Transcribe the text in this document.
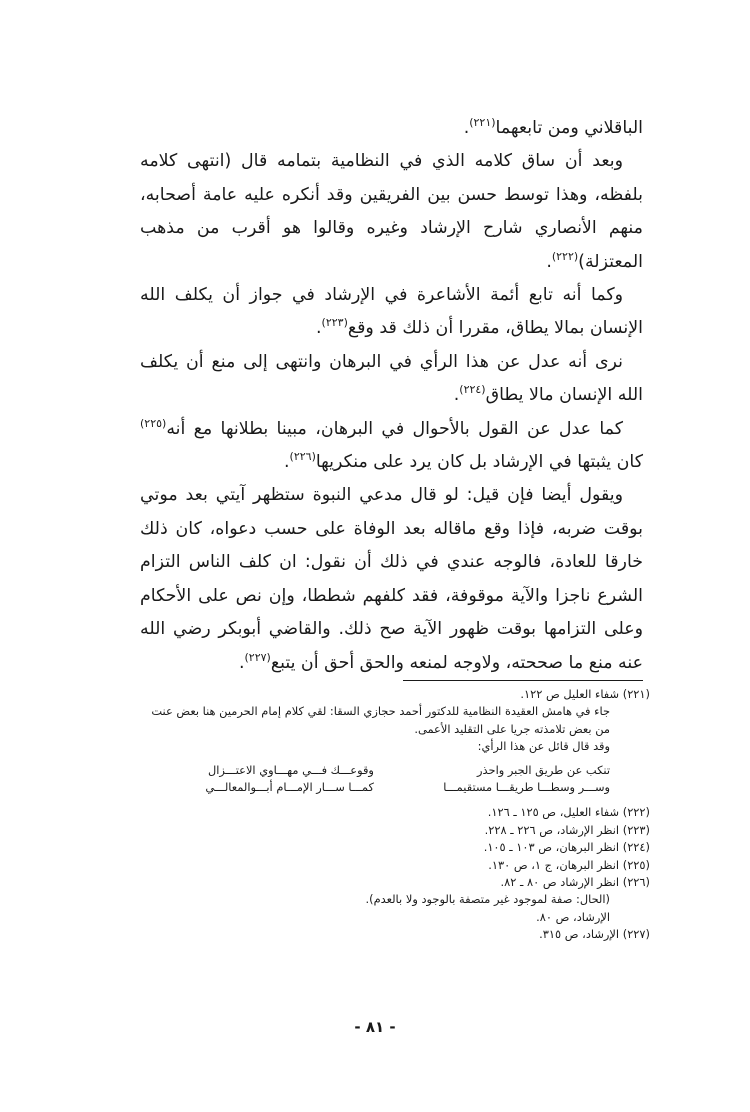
الباقلاني ومن تابعهما$^{(٢٢١)}$.

وبعد أن ساق كلامه الذي في النظامية بتمامه قال (انتهى كلامه بلفظه، وهذا توسط حسن بين الفريقين وقد أنكره عليه عامة أصحابه، منهم الأنصاري شارح الإرشاد وغيره وقالوا هو أقرب من مذهب المعتزلة)$^{(٢٢٢)}$.

وكما أنه تابع أئمة الأشاعرة في الإرشاد في جواز أن يكلف الله الإنسان بمالا يطاق، مقررا أن ذلك قد وقع$^{(٢٢٣)}$.

نرى أنه عدل عن هذا الرأي في البرهان وانتهى إلى منع أن يكلف الله الإنسان مالا يطاق$^{(٢٢٤)}$.

كما عدل عن القول بالأحوال في البرهان، مبينا بطلانها مع أنه$^{(٢٢٥)}$ كان يثبتها في الإرشاد بل كان يرد على منكريها$^{(٢٢٦)}$.

ويقول أيضا فإن قيل: لو قال مدعي النبوة ستظهر آيتي بعد موتي بوقت ضربه، فإذا وقع ماقاله بعد الوفاة على حسب دعواه، كان ذلك خارقا للعادة، فالوجه عندي في ذلك أن نقول: ان كلف الناس التزام الشرع ناجزا والآية موقوفة، فقد كلفهم شططا، وإن نص على الأحكام وعلى التزامها بوقت ظهور الآية صح ذلك. والقاضي أبوبكر رضي الله عنه منع ما صححته، ولاوجه لمنعه والحق أحق أن يتبع$^{(٢٢٧)}$.

(٢٢١) شفاء العليل ص ١٢٢.

جاء في هامش العقيدة النظامية للدكتور أحمد حجازي السقا: لقي كلام إمام الحرمين هنا بعض عنت من بعض تلامذته جريا على التقليد الأعمى.

وقد قال قائل عن هذا الرأي:

تنكب عن طريق الجبر واحذر
وســـر وسطـــا طريقـــا مستقيمـــا
وقوعـــك فـــي مهـــاوي الاعتـــزال
كمـــا ســـار الإمـــام أبـــوالمعالـــي

(٢٢٢) شفاء العليل، ص ١٢٥ ـ ١٢٦.

(٢٢٣) انظر الإرشاد، ص ٢٢٦ ـ ٢٢٨.

(٢٢٤) انظر البرهان، ص ١٠٣ ـ ١٠٥.

(٢٢٥) انظر البرهان، ج ١، ص ١٣٠.

(٢٢٦) انظر الإرشاد ص ٨٠ ـ ٨٢.

(الحال: صفة لموجود غير متصفة بالوجود ولا بالعدم).

الإرشاد، ص ٨٠.

(٢٢٧) الإرشاد، ص ٣١٥.

- ٨١ -
